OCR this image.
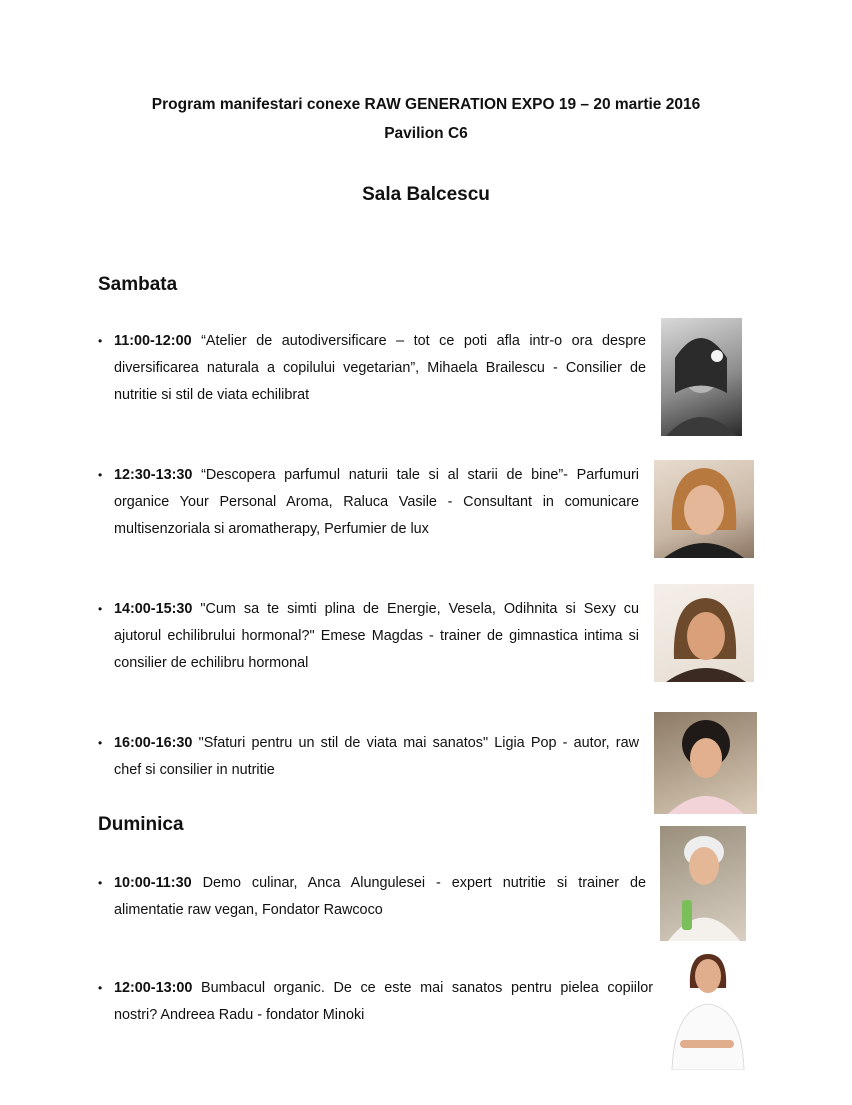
Program manifestari conexe RAW GENERATION EXPO 19 – 20 martie 2016
Pavilion C6
Sala Balcescu
Sambata
• 11:00-12:00 “Atelier de autodiversificare – tot ce poti afla intr-o ora despre diversificarea naturala a copilului vegetarian”, Mihaela Brailescu - Consilier de nutritie si stil de viata echilibrat
• 12:30-13:30 “Descopera parfumul naturii tale si al starii de bine”- Parfumuri organice Your Personal Aroma, Raluca Vasile - Consultant in comunicare multisenzoriala si aromatherapy, Perfumier de lux
• 14:00-15:30 "Cum sa te simti plina de Energie, Vesela, Odihnita si Sexy cu ajutorul echilibrului hormonal?" Emese Magdas - trainer de gimnastica intima si consilier de echilibru hormonal
• 16:00-16:30 "Sfaturi pentru un stil de viata mai sanatos" Ligia Pop - autor, raw chef si consilier in nutritie
Duminica
• 10:00-11:30 Demo culinar, Anca Alungulesei - expert nutritie si trainer de alimentatie raw vegan, Fondator Rawcoco
• 12:00-13:00 Bumbacul organic. De ce este mai sanatos pentru pielea copiilor nostri? Andreea Radu - fondator Minoki
